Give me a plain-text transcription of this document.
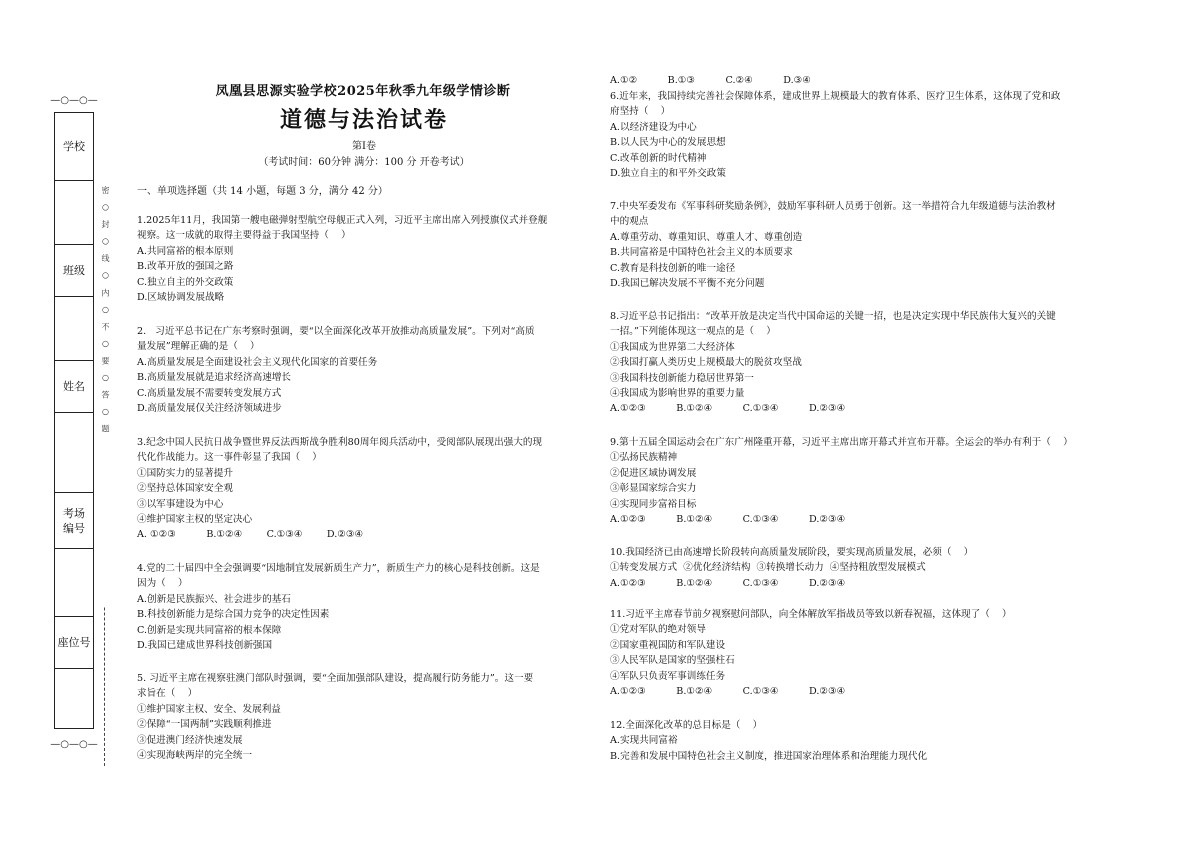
—○—○—
学校
班级
姓名
考场
编号
座位号
—○—○—
密 ○ 封 ○ 线 ○ 内 ○ 不 ○ 要 ○ 答 ○ 题
凤凰县思源实验学校2025年秋季九年级学情诊断
道德与法治试卷
第Ⅰ卷
（考试时间：60分钟 满分：100 分 开卷考试）
一、单项选择题（共 14 小题，每题 3 分，满分 42 分）

1.2025年11月，我国第一艘电磁弹射型航空母舰正式入列，习近平主席出席入列授旗仪式并登舰

视察。这一成就的取得主要得益于我国坚持（    ）

A.共同富裕的根本原则

B.改革开放的强国之路

C.独立自主的外交政策

D.区域协调发展战略

2.   习近平总书记在广东考察时强调，要“以全面深化改革开放推动高质量发展”。下列对“高质

量发展”理解正确的是（    ）

A.高质量发展是全面建设社会主义现代化国家的首要任务

B.高质量发展就是追求经济高速增长

C.高质量发展不需要转变发展方式

D.高质量发展仅关注经济领域进步

3.纪念中国人民抗日战争暨世界反法西斯战争胜利80周年阅兵活动中，受阅部队展现出强大的现

代化作战能力。这一事件彰显了我国（    ）

①国防实力的显著提升

②坚持总体国家安全观

③以军事建设为中心

④维护国家主权的坚定决心

A. ①②③          B.①②④        C.①③④        D.②③④

4.党的二十届四中全会强调要“因地制宜发展新质生产力”，新质生产力的核心是科技创新。这是

因为（    ）

A.创新是民族振兴、社会进步的基石

B.科技创新能力是综合国力竞争的决定性因素

C.创新是实现共同富裕的根本保障

D.我国已建成世界科技创新强国

5. 习近平主席在视察驻澳门部队时强调，要“全面加强部队建设，提高履行防务能力”。这一要

求旨在（    ）

①维护国家主权、安全、发展利益

②保障“一国两制”实践顺利推进

③促进澳门经济快速发展

④实现海峡两岸的完全统一

A.①②          B.①③          C.②④          D.③④

6.近年来，我国持续完善社会保障体系，建成世界上规模最大的教育体系、医疗卫生体系，这体现了党和政

府坚持（    ）

A.以经济建设为中心

B.以人民为中心的发展思想

C.改革创新的时代精神

D.独立自主的和平外交政策

7.中央军委发布《军事科研奖励条例》，鼓励军事科研人员勇于创新。这一举措符合九年级道德与法治教材

中的观点

A.尊重劳动、尊重知识、尊重人才、尊重创造

B.共同富裕是中国特色社会主义的本质要求

C.教育是科技创新的唯一途径

D.我国已解决发展不平衡不充分问题

8.习近平总书记指出：“改革开放是决定当代中国命运的关键一招，也是决定实现中华民族伟大复兴的关键

一招。”下列能体现这一观点的是（    ）

①我国成为世界第二大经济体

②我国打赢人类历史上规模最大的脱贫攻坚战

③我国科技创新能力稳居世界第一

④我国成为影响世界的重要力量

A.①②③          B.①②④          C.①③④          D.②③④

9.第十五届全国运动会在广东广州隆重开幕，习近平主席出席开幕式并宣布开幕。全运会的举办有利于（    ）

①弘扬民族精神

②促进区域协调发展

③彰显国家综合实力

④实现同步富裕目标

A.①②③          B.①②④          C.①③④          D.②③④

10.我国经济已由高速增长阶段转向高质量发展阶段，要实现高质量发展，必须（    ）

①转变发展方式  ②优化经济结构  ③转换增长动力  ④坚持粗放型发展模式

A.①②③          B.①②④          C.①③④          D.②③④

11.习近平主席春节前夕视察慰问部队，向全体解放军指战员等致以新春祝福，这体现了（    ）

①党对军队的绝对领导

②国家重视国防和军队建设

③人民军队是国家的坚强柱石

④军队只负责军事训练任务

A.①②③          B.①②④          C.①③④          D.②③④

12.全面深化改革的总目标是（    ）

A.实现共同富裕

B.完善和发展中国特色社会主义制度，推进国家治理体系和治理能力现代化
